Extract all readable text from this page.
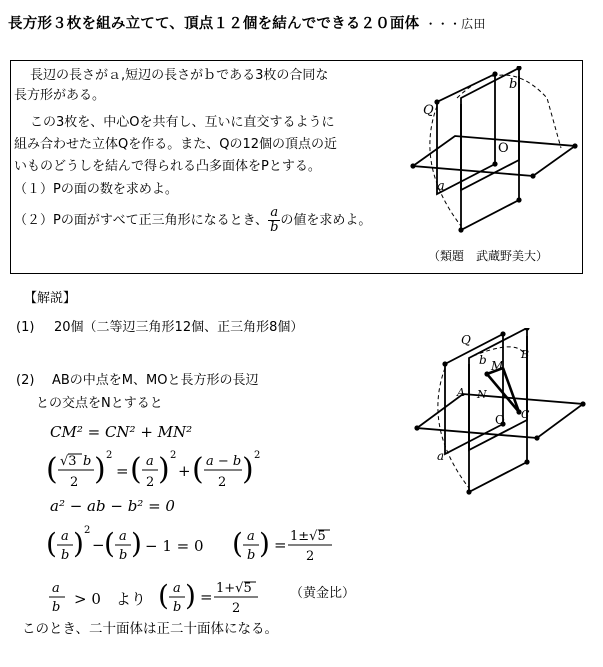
長方形３枚を組み立てて、頂点１２個を結んでできる２０面体 ・・・広田
長辺の長さがａ,短辺の長さがｂである3枚の合同な
長方形がある。
この3枚を、中心Oを共有し、互いに直交するように
組み合わせた立体Qを作る。また、Qの12個の頂点の近
いものどうしを結んで得られる凸多面体をPとする。
（１）Pの面の数を求めよ。
（２）Pの面がすべて正三角形になるとき、 $\frac{a}{b}$ の値を求めよ。
（類題　武蔵野美大）
Q
b
O
a
【解説】
(1) 20個（二等辺三角形12個、正三角形8個）
(2) ABの中点をM、MOと長方形の長辺
との交点をNとすると
CM² = CN² + MN²
( √3 b
2 ) 2
= ( a
2 ) 2
+ ( a − b
2 ) 2
a² − ab − b² = 0
( a
b ) 2
− ( a
b ) − 1 = 0 ( a
b ) = 1±√5
2
a
b > 0　より ( a
b ) = 1+√5
2
（黄金比）
このとき、二十面体は正二十面体になる。
Q
b M
B
A N
C
O
a
